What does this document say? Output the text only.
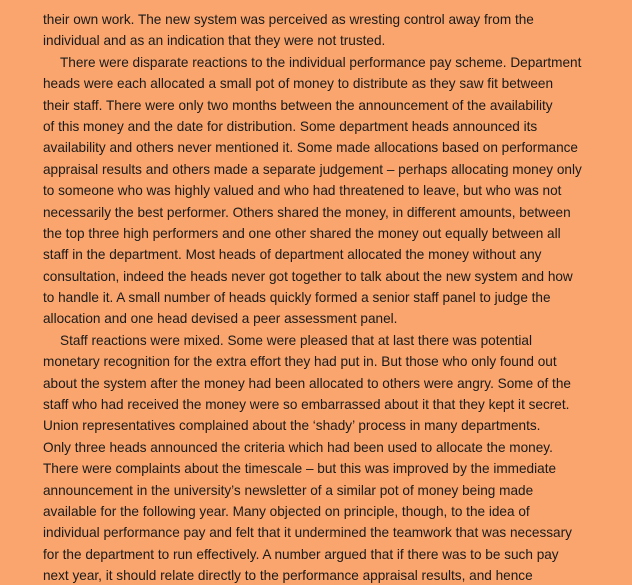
their own work. The new system was perceived as wresting control away from the
individual and as an indication that they were not trusted.
There were disparate reactions to the individual performance pay scheme. Department
heads were each allocated a small pot of money to distribute as they saw fit between
their staff. There were only two months between the announcement of the availability
of this money and the date for distribution. Some department heads announced its
availability and others never mentioned it. Some made allocations based on performance
appraisal results and others made a separate judgement – perhaps allocating money only
to someone who was highly valued and who had threatened to leave, but who was not
necessarily the best performer. Others shared the money, in different amounts, between
the top three high performers and one other shared the money out equally between all
staff in the department. Most heads of department allocated the money without any
consultation, indeed the heads never got together to talk about the new system and how
to handle it. A small number of heads quickly formed a senior staff panel to judge the
allocation and one head devised a peer assessment panel.
Staff reactions were mixed. Some were pleased that at last there was potential
monetary recognition for the extra effort they had put in. But those who only found out
about the system after the money had been allocated to others were angry. Some of the
staff who had received the money were so embarrassed about it that they kept it secret.
Union representatives complained about the ‘shady’ process in many departments.
Only three heads announced the criteria which had been used to allocate the money.
There were complaints about the timescale – but this was improved by the immediate
announcement in the university’s newsletter of a similar pot of money being made
available for the following year. Many objected on principle, though, to the idea of
individual performance pay and felt that it undermined the teamwork that was necessary
for the department to run effectively. A number argued that if there was to be such pay
next year, it should relate directly to the performance appraisal results, and hence
